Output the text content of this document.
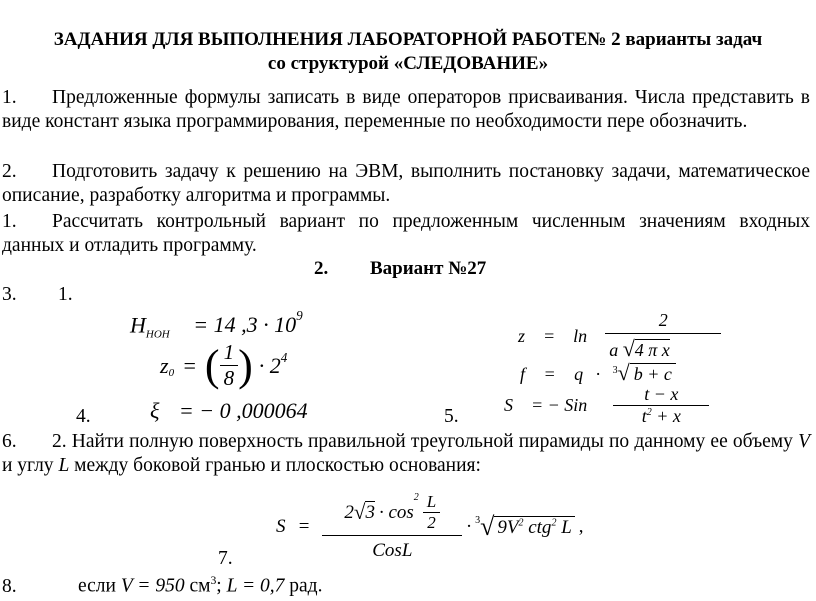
ЗАДАНИЯ ДЛЯ ВЫПОЛНЕНИЯ ЛАБОРАТОРНОЙ РАБОТЕ№ 2 варианты задач
со структурой «СЛЕДОВАНИЕ»
1. Предложенные формулы записать в виде операторов присваивания. Числа представить в виде констант языка программирования, переменные по необходимости пере обозначить.
2. Подготовить задачу к решению на ЭВМ, выполнить постановку задачи, математическое описание, разработку алгоритма и программы.
1. Рассчитать контрольный вариант по предложенным численным значениям входных данных и отладить программу.
2. Вариант №27
3. 1.
$H_{НОН} = 14$ $,3 \cdot 10^9$
$z_0$ = ( $\frac{1}{8}$ ) · $2^4$
4.	ξ = − 0 ,000064
$z = \ln \frac{2}{\text{a √4 π x}}$
f = q · $^3$√ b + c
5.
S = − Sin $\frac{t - x}{t^2 + x}$
6. 2. Найти полную поверхность правильной треугольной пирамиды по данному ее объему V и углу L между боковой гранью и плоскостью основания:
7.
S = 2 √ 3 · cos
$^2 \frac{L}{2}$
CosL · $^3$ √ $9V^2$ ctg$^2$ L ,
8.	если V = 950 $см^3$; L = 0,7 рад.
